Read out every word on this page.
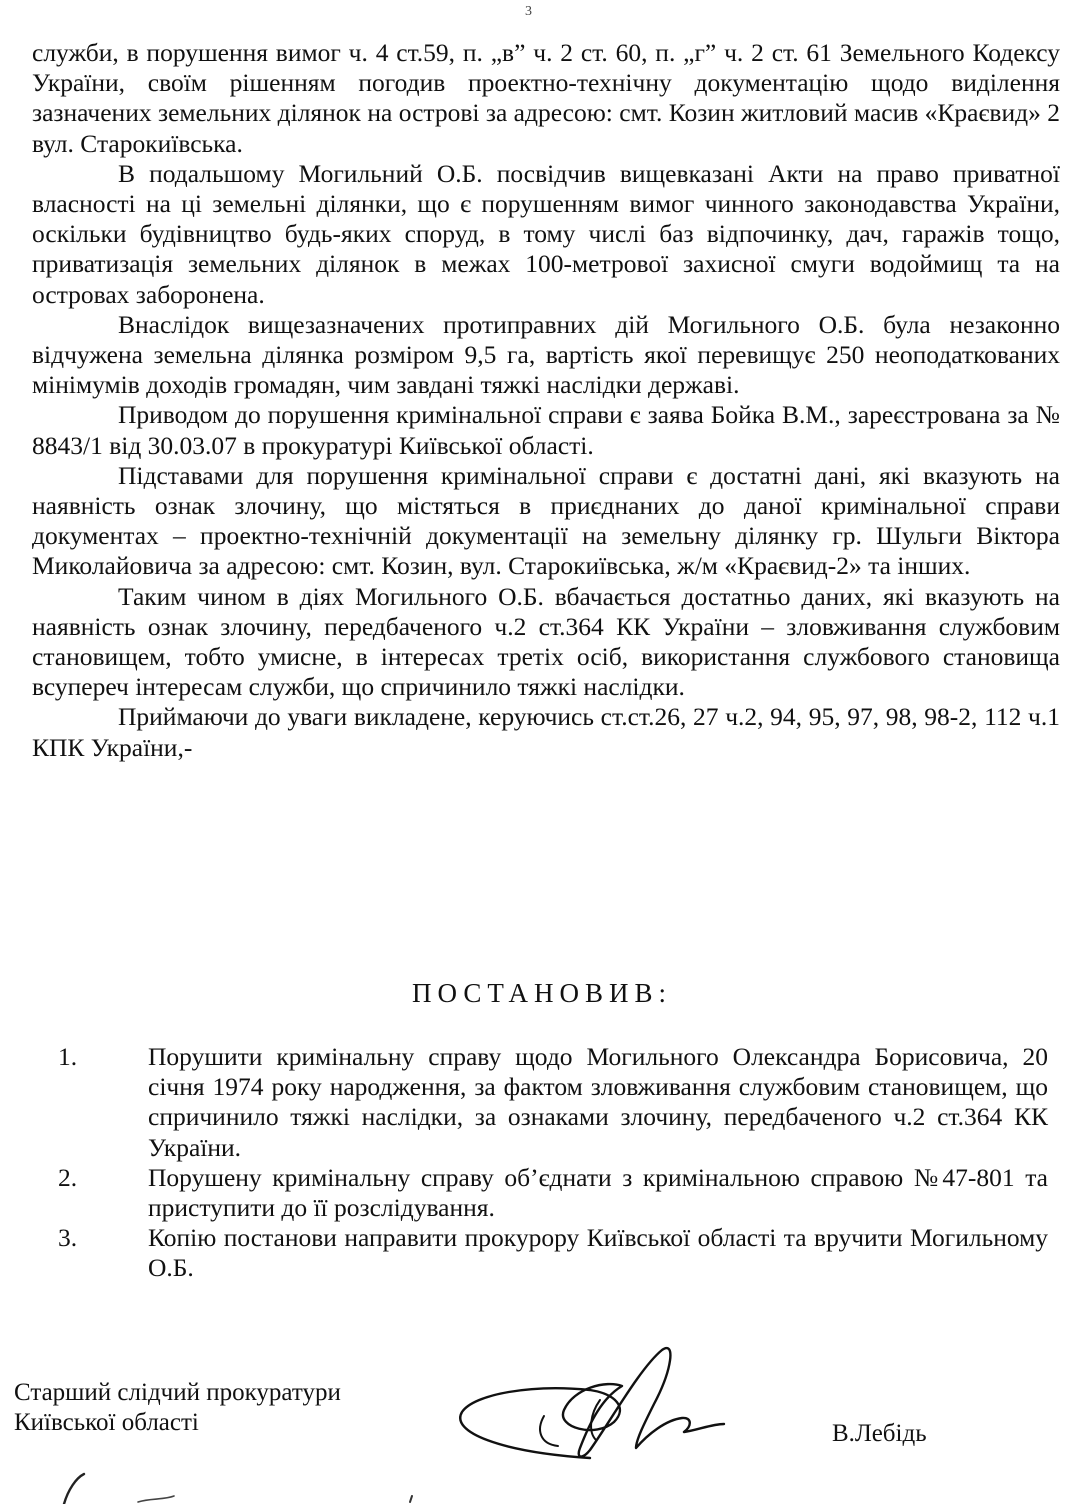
3

служби, в порушення вимог ч. 4 ст.59, п. „в” ч. 2 ст. 60, п. „г” ч. 2 ст. 61 Земельного Кодексу України, своїм рішенням погодив проектно-технічну документацію щодо виділення зазначених земельних ділянок на острові за адресою: смт. Козин житловий масив «Краєвид» 2 вул. Старокиївська.

В подальшому Могильний О.Б. посвідчив вищевказані Акти на право приватної власності на ці земельні ділянки, що є порушенням вимог чинного законодавства України, оскільки будівництво будь-яких споруд, в тому числі баз відпочинку, дач, гаражів тощо, приватизація земельних ділянок в межах 100-метрової захисної смуги водоймищ та на островах заборонена.

Внаслідок вищезазначених протиправних дій Могильного О.Б. була незаконно відчужена земельна ділянка розміром 9,5 га, вартість якої перевищує 250 неоподаткованих мінімумів доходів громадян, чим завдані тяжкі наслідки державі.

Приводом до порушення кримінальної справи є заява Бойка В.М., зареєстрована за № 8843/1 від 30.03.07 в прокуратурі Київської області.

Підставами для порушення кримінальної справи є достатні дані, які вказують на наявність ознак злочину, що містяться в приєднаних до даної кримінальної справи документах – проектно-технічній документації на земельну ділянку гр. Шульги Віктора Миколайовича за адресою: смт. Козин, вул. Старокиївська, ж/м «Краєвид-2» та інших.

Таким чином в діях Могильного О.Б. вбачається достатньо даних, які вказують на наявність ознак злочину, передбаченого ч.2 ст.364 КК України – зловживання службовим становищем, тобто умисне, в інтересах третіх осіб, використання службового становища всупереч інтересам служби, що спричинило тяжкі наслідки.

Приймаючи до уваги викладене, керуючись ст.ст.26, 27 ч.2, 94, 95, 97, 98, 98-2, 112 ч.1 КПК України,-

ПОСТАНОВИВ:
1.	Порушити кримінальну справу щодо Могильного Олександра Борисовича, 20 січня 1974 року народження, за фактом зловживання службовим становищем, що спричинило тяжкі наслідки, за ознаками злочину, передбаченого ч.2 ст.364 КК України.
2.	Порушену кримінальну справу об’єднати з кримінальною справою №47-801 та приступити до її розслідування.
3.	Копію постанови направити прокурору Київської області та вручити Могильному О.Б.
Старший слідчий прокуратури
Київської області	В.Лебідь
